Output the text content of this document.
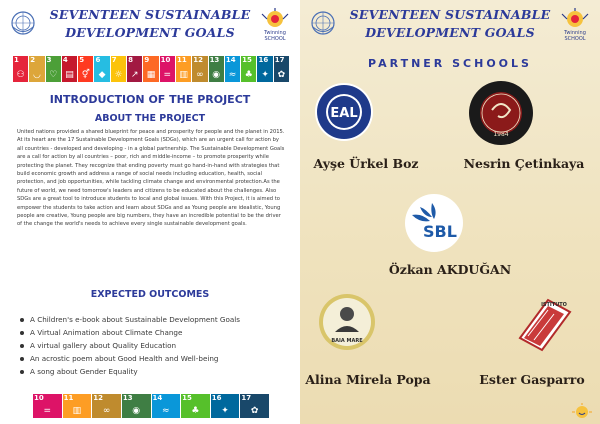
SEVENTEEN SUSTAINABLE
DEVELOPMENT GOALS	Twinning SCHOOL
1
⚇
2
◡
3
♡
4
▤
5
⚥
6
◆
7
☼
8
↗
9
▦
10
=
11
▥
12
∞
13
◉
14
≈
15
♣
16
✦
17
✿
INTRODUCTION OF THE PROJECT
ABOUT THE PROJECT

United nations provided a shared blueprint for peace and prosperity for people and the planet in 2015. At its heart are the 17 Sustainable Development Goals (SDGs), which are an urgent call for action by all countries - developed and developing - in a global partnership. The Sustainable Development Goals are a call for action by all countries – poor, rich and middle-income – to promote prosperity while protecting the planet. They recognize that ending poverty must go hand-in-hand with strategies that build economic growth and address a range of social needs including education, health, social protection, and job opportunities, while tackling climate change and environmental protection.As the future of world, we need tomorrow's leaders and citizens to be educated about the challenges. Also SDGs are a great tool to introduce students to local and global issues. With this Project, it is aimed to empower the students to take action and learn about SDGs and as Young people are idealistic, Young people are creative, Young people are big numbers, they have an incredible potential to be the driver of the change the world's needs to achieve every single sustainable development goals.

EXPECTED OUTCOMES
A Children's e-book about Sustainable Development Goals
A Virtual Animation about Climate Change
A virtual gallery about Quality Education
An acrostic poem about Good Health and Well-being
A song about Gender Equality
10
=
11
▥
12
∞
13
◉
14
≈
15
♣
16
✦
17
✿
SEVENTEEN SUSTAINABLE
DEVELOPMENT GOALS	Twinning SCHOOL
PARTNER SCHOOLS
EAL
Ayşe Ürkel Boz
1984
Nesrin Çetinkaya
SBL
Özkan AKDUĞAN
BAIA MARE
Alina Mirela Popa
ISTITUTO
Ester Gasparro
